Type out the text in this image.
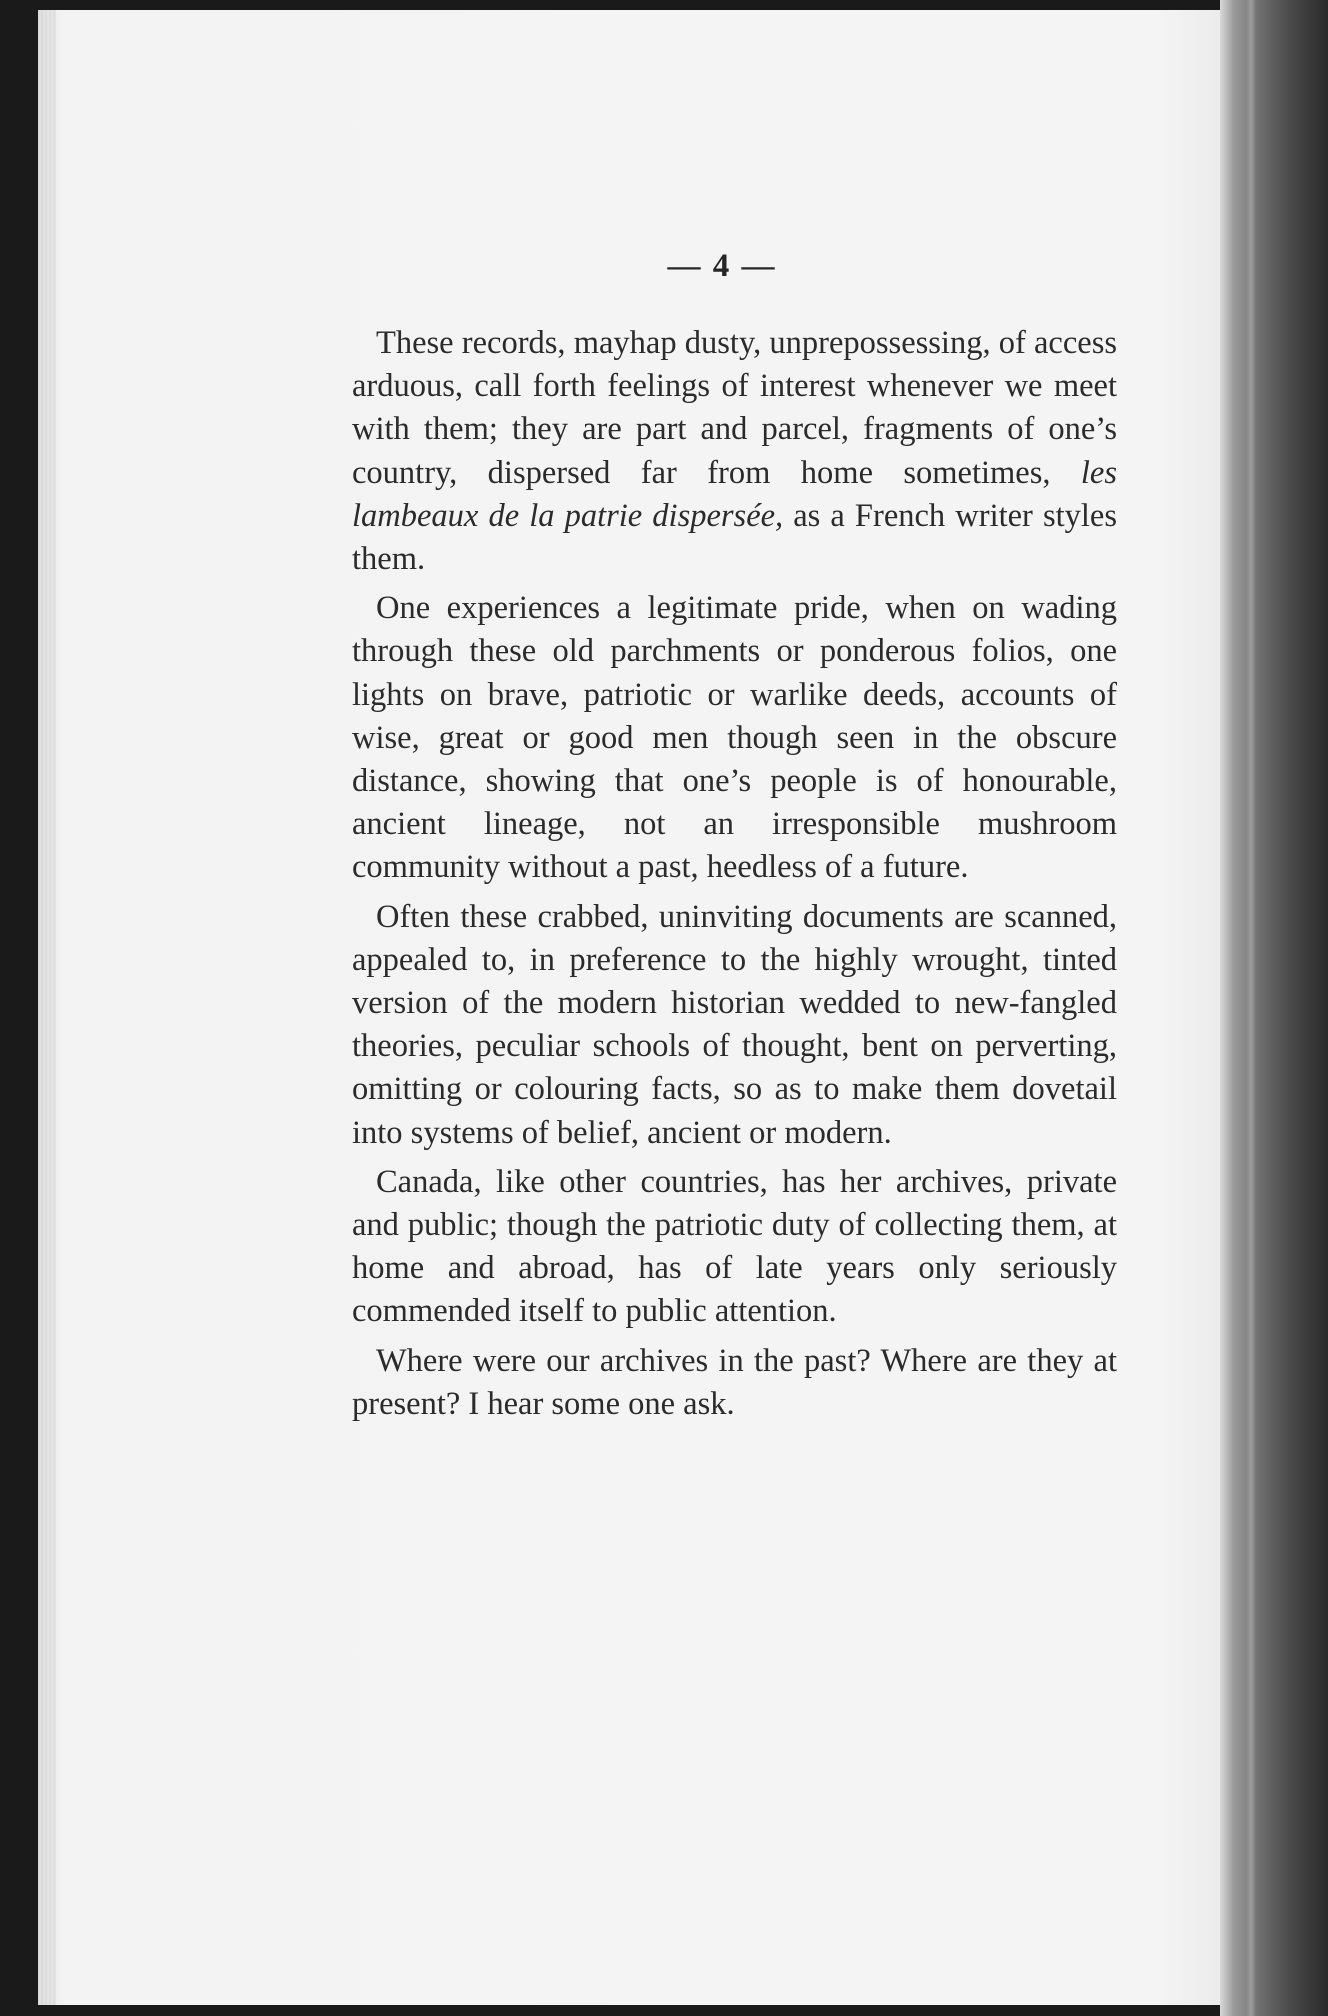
— 4 —

These records, mayhap dusty, unprepossessing, of access arduous, call forth feelings of interest whenever we meet with them; they are part and parcel, fragments of one’s country, dispersed far from home sometimes, les lambeaux de la patrie dispersée, as a French writer styles them.

One experiences a legitimate pride, when on wading through these old parchments or ponderous folios, one lights on brave, patriotic or warlike deeds, accounts of wise, great or good men though seen in the obscure distance, showing that one’s people is of honourable, ancient lineage, not an irresponsible mushroom community without a past, heedless of a future.

Often these crabbed, uninviting documents are scanned, appealed to, in preference to the highly wrought, tinted version of the modern historian wedded to new-fangled theories, peculiar schools of thought, bent on perverting, omitting or colouring facts, so as to make them dovetail into systems of belief, ancient or modern.

Canada, like other countries, has her archives, private and public; though the patriotic duty of collecting them, at home and abroad, has of late years only seriously commended itself to public attention.

Where were our archives in the past? Where are they at present? I hear some one ask.
